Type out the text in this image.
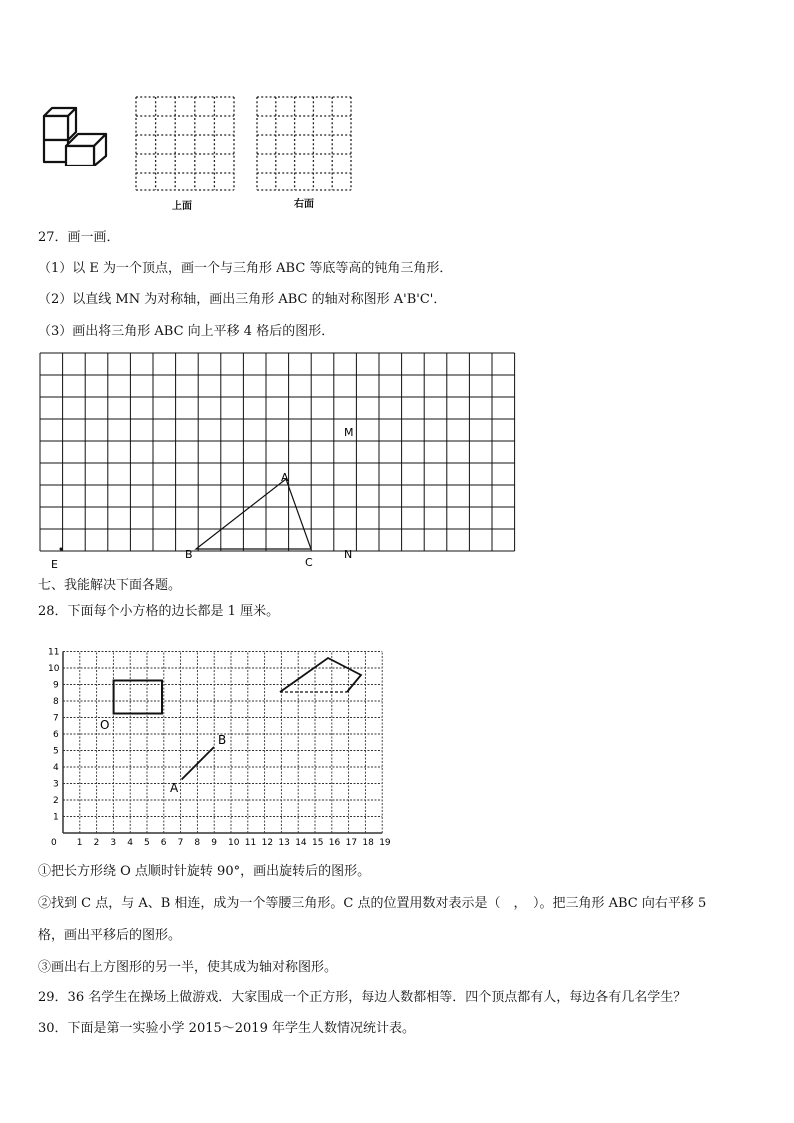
上面	右面
27．画一画．
（1）以 E 为一个顶点，画一个与三角形 ABC 等底等高的钝角三角形．
（2）以直线 MN 为对称轴，画出三角形 ABC 的轴对称图形 A'B'C'．
（3）画出将三角形 ABC 向上平移 4 格后的图形．
M
A
B	N
C
E
七、我能解决下面各题。
28．下面每个小方格的边长都是 1 厘米。
0 1 2 3 4 5 6 7 8 9 10 11 12 13 14 15 16 17 18 19
1
2
3
4
5
6
7
8
9
10
11
O
A
B
①把长方形绕 O 点顺时针旋转 90°，画出旋转后的图形。
②找到 C 点，与 A、B 相连，成为一个等腰三角形。C 点的位置用数对表示是（　，　）。把三角形 ABC 向右平移 5
格，画出平移后的图形。
③画出右上方图形的另一半，使其成为轴对称图形。
29．36 名学生在操场上做游戏．大家围成一个正方形，每边人数都相等．四个顶点都有人，每边各有几名学生？
30．下面是第一实验小学 2015～2019 年学生人数情况统计表。
